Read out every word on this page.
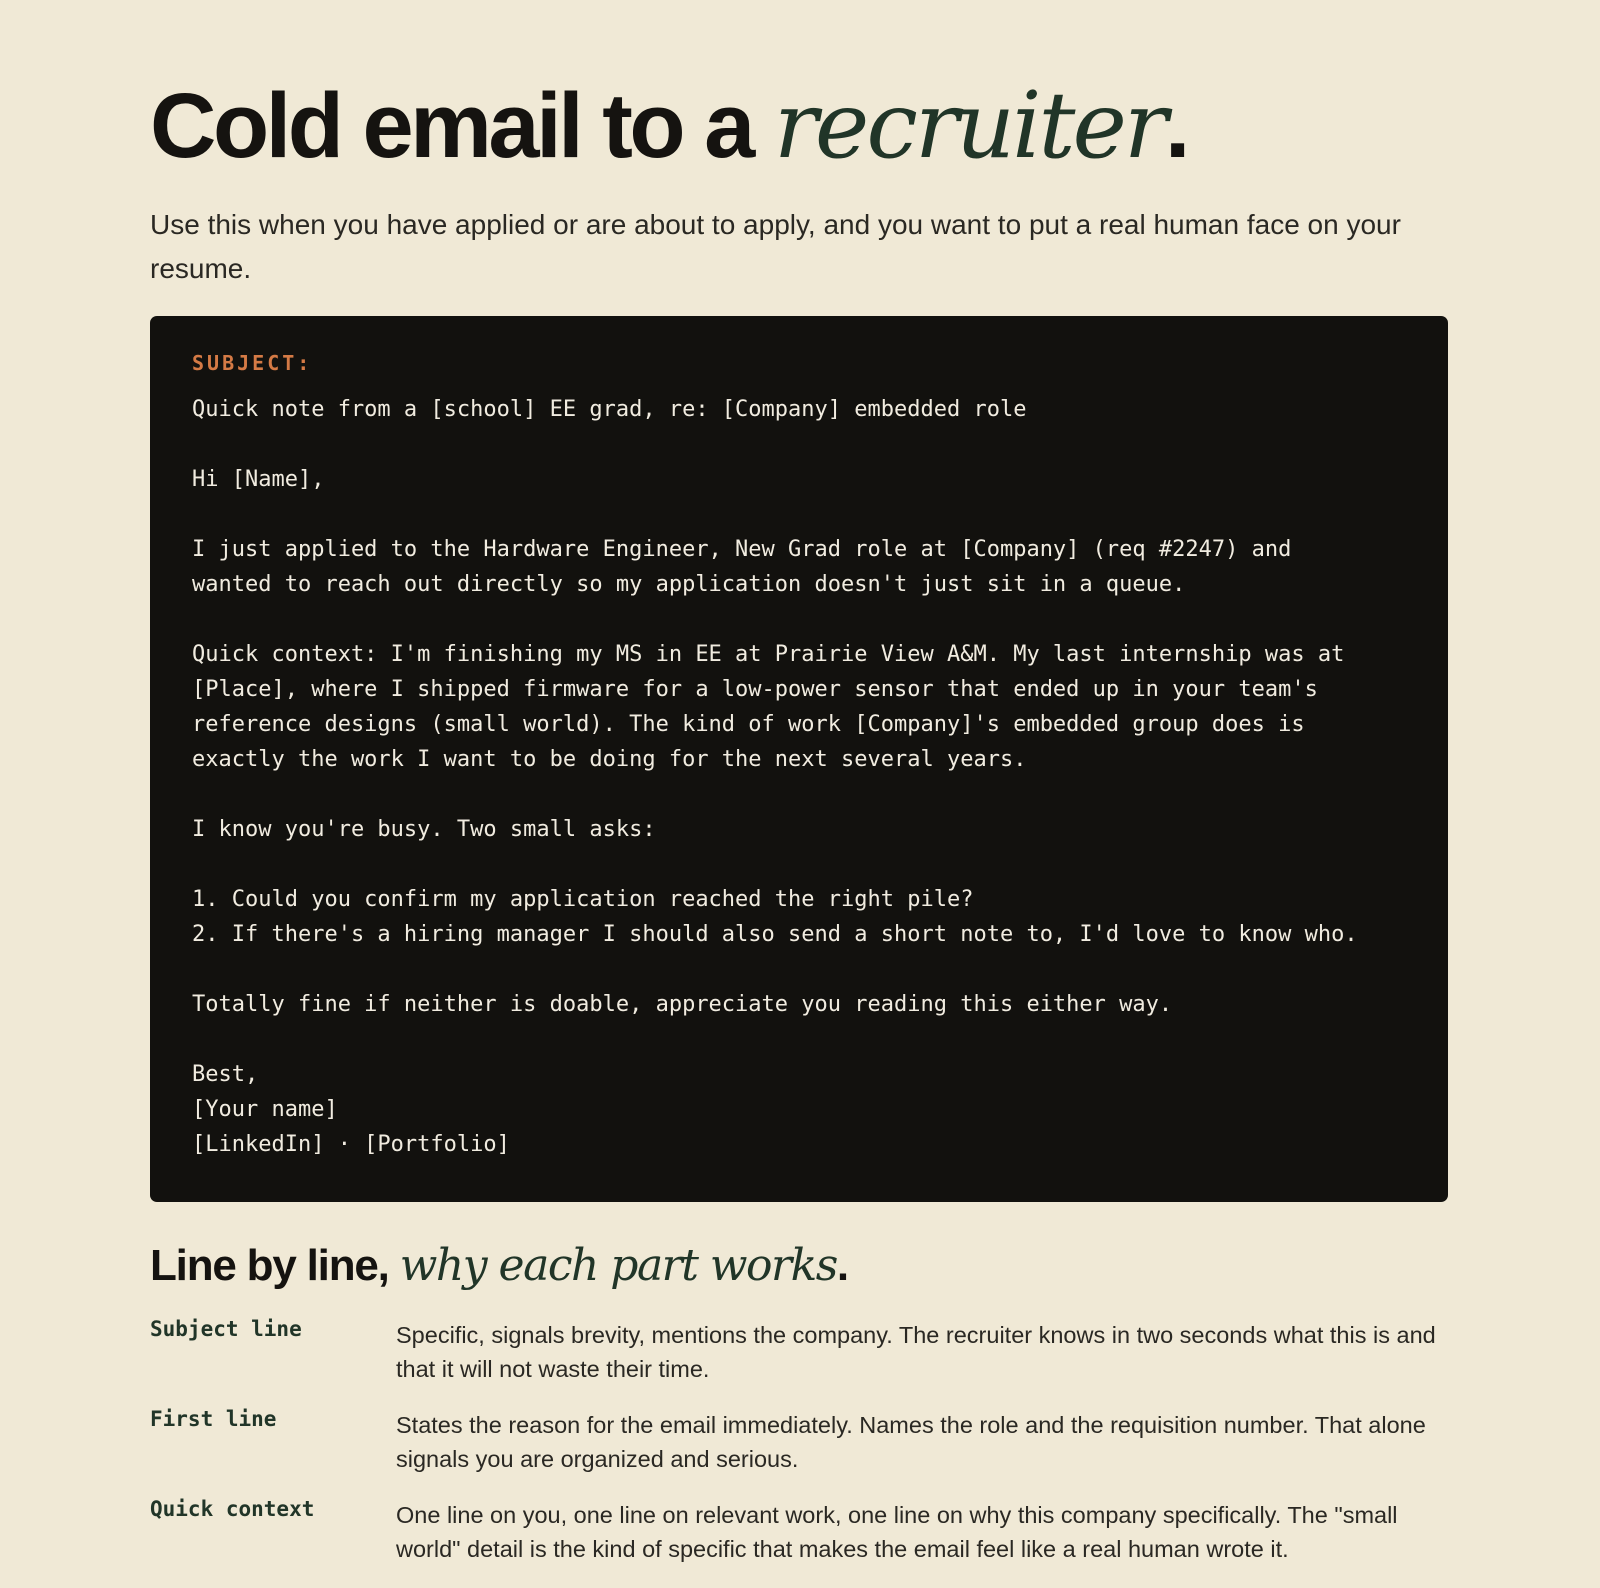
Cold email to a recruiter.

Use this when you have applied or are about to apply, and you want to put a real human face on your resume.

SUBJECT:
Quick note from a [school] EE grad, re: [Company] embedded role

Hi [Name],

I just applied to the Hardware Engineer, New Grad role at [Company] (req #2247) and
wanted to reach out directly so my application doesn't just sit in a queue.

Quick context: I'm finishing my MS in EE at Prairie View A&M. My last internship was at
[Place], where I shipped firmware for a low-power sensor that ended up in your team's
reference designs (small world). The kind of work [Company]'s embedded group does is
exactly the work I want to be doing for the next several years.

I know you're busy. Two small asks:

1. Could you confirm my application reached the right pile?
2. If there's a hiring manager I should also send a short note to, I'd love to know who.

Totally fine if neither is doable, appreciate you reading this either way.

Best,
[Your name]
[LinkedIn] · [Portfolio]
Line by line, why each part works.
Subject line	Specific, signals brevity, mentions the company. The recruiter knows in two seconds what this is and that it will not waste their time.
First line	States the reason for the email immediately. Names the role and the requisition number. That alone signals you are organized and serious.
Quick context	One line on you, one line on relevant work, one line on why this company specifically. The "small world" detail is the kind of specific that makes the email feel like a real human wrote it.
